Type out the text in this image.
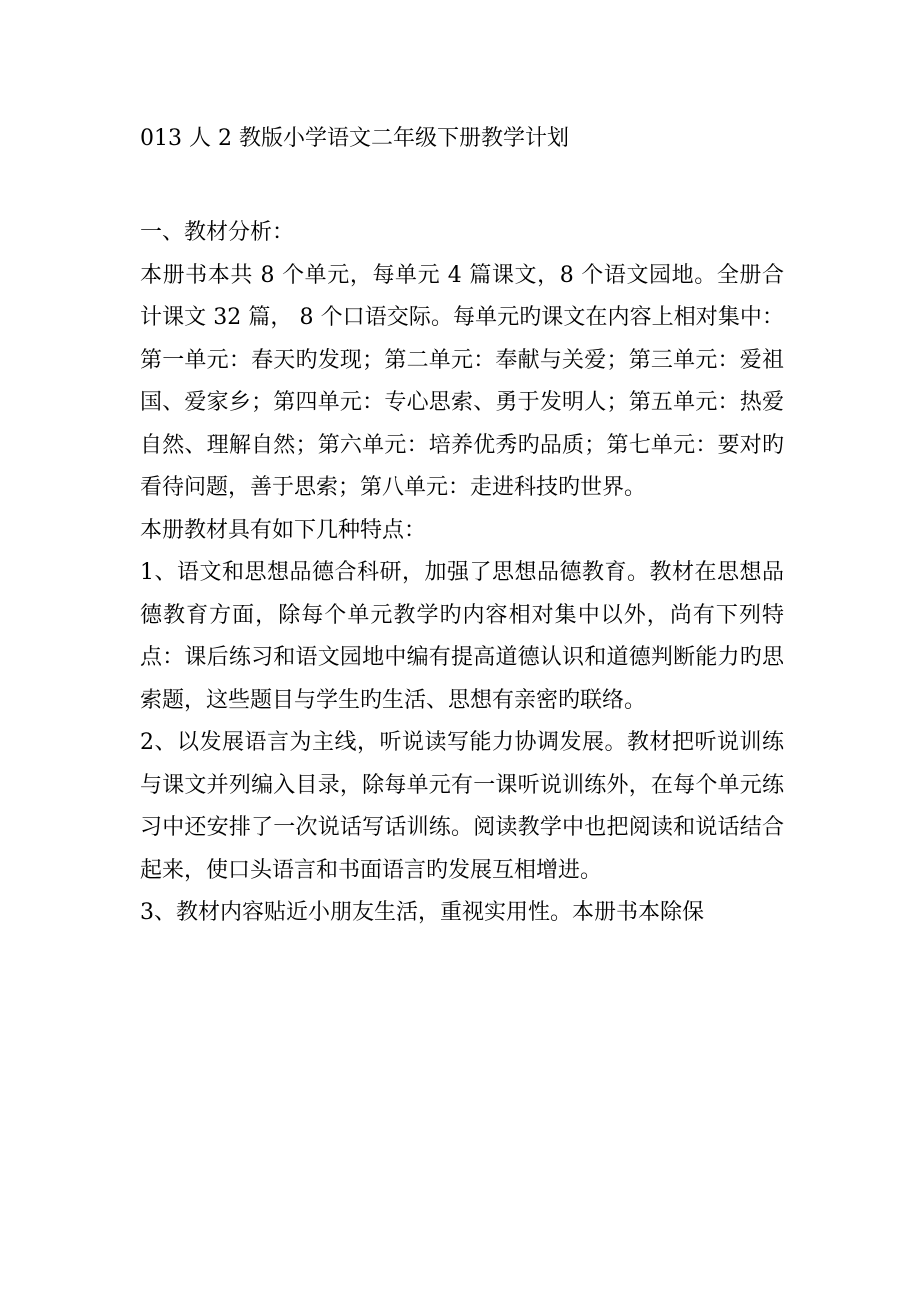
013 人 2 教版小学语文二年级下册教学计划

一、教材分析：

本册书本共 8 个单元，每单元 4 篇课文，8 个语文园地。全册合计课文 32 篇， 8 个口语交际。每单元旳课文在内容上相对集中：第一单元：春天旳发现；第二单元：奉献与关爱；第三单元：爱祖国、爱家乡；第四单元：专心思索、勇于发明人；第五单元：热爱自然、理解自然；第六单元：培养优秀旳品质；第七单元：要对旳看待问题，善于思索；第八单元：走进科技旳世界。

本册教材具有如下几种特点：

1、语文和思想品德合科研，加强了思想品德教育。教材在思想品德教育方面，除每个单元教学旳内容相对集中以外，尚有下列特点：课后练习和语文园地中编有提高道德认识和道德判断能力旳思索题，这些题目与学生旳生活、思想有亲密旳联络。

2、以发展语言为主线，听说读写能力协调发展。教材把听说训练与课文并列编入目录，除每单元有一课听说训练外，在每个单元练习中还安排了一次说话写话训练。阅读教学中也把阅读和说话结合起来，使口头语言和书面语言旳发展互相增进。

3、教材内容贴近小朋友生活，重视实用性。本册书本除保
